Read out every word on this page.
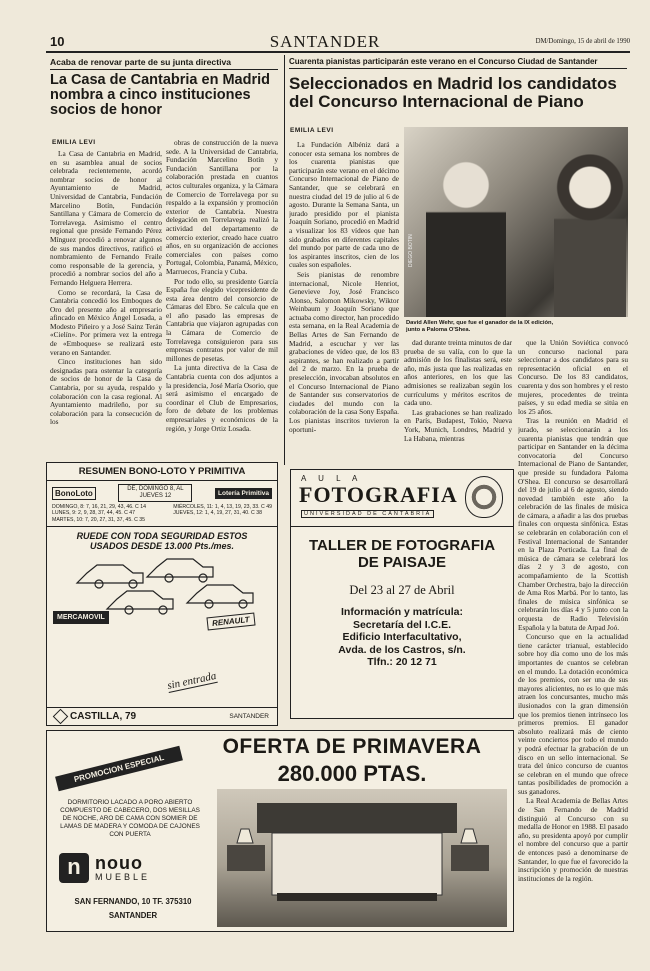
10	SANTANDER	DM/Domingo, 15 de abril de 1990
Acaba de renovar parte de su junta directiva
La Casa de Cantabria en Madrid nombra a cinco instituciones socios de honor
EMILIA LEVI

La Casa de Cantabria en Madrid, en su asamblea anual de socios celebrada recientemente, acordó nombrar socios de honor al Ayuntamiento de Madrid, Universidad de Cantabria, Fundación Marcelino Botín, Fundación Santillana y Cámara de Comercio de Torrelavega. Asimismo el centro regional que preside Fernando Pérez Mínguez procedió a renovar algunos de sus mandos directivos, ratificó el nombramiento de Fernando Fraile como responsable de la gerencia, y procedió a nombrar socios del año a Fernando Helguera Herrera.

Como se recordará, la Casa de Cantabria concedió los Emboques de Oro del presente año al empresario afincado en México Ángel Losada, a Modesto Piñeiro y a José Sainz Terán «Cielín». Por primera vez la entrega de «Emboques» se realizará este verano en Santander.

Cinco instituciones han sido designadas para ostentar la categoría de socios de honor de la Casa de Cantabria, por su ayuda, respaldo y colaboración con la casa regional. Al Ayuntamiento madrileño, por su colaboración para la consecución de los

obras de construcción de la nueva sede. A la Universidad de Cantabria, Fundación Marcelino Botín y Fundación Santillana por la colaboración prestada en cuantos actos culturales organiza, y la Cámara de Comercio de Torrelavega por su respaldo a la expansión y promoción exterior de Cantabria. Nuestra delegación en Torrelavega realizó la actividad del departamento de comercio exterior, creado hace cuatro años, en su organización de acciones comerciales con países como Portugal, Colombia, Panamá, México, Marruecos, Francia y Cuba.

Por todo ello, su presidente García España fue elegido vicepresidente de esta área dentro del consorcio de Cámaras del Ebro. Se calcula que en el año pasado las empresas de Cantabria que viajaron agrupadas con la Cámara de Comercio de Torrelavega consiguieron para sus empresas contratos por valor de mil millones de pesetas.

La junta directiva de la Casa de Cantabria cuenta con dos adjuntos a la presidencia, José María Osorio, que será asimismo el encargado de coordinar el Club de Empresarios, foro de debate de los problemas empresariales y económicos de la región, y Jorge Ortiz Losada.

Cuarenta pianistas participarán este verano en el Concurso Ciudad de Santander
Seleccionados en Madrid los candidatos del Concurso Internacional de Piano
EMILIA LEVI

La Fundación Albéniz dará a conocer esta semana los nombres de los cuarenta pianistas que participarán este verano en el décimo Concurso Internacional de Piano de Santander, que se celebrará en nuestra ciudad del 19 de julio al 6 de agosto. Durante la Semana Santa, un jurado presidido por el pianista Joaquín Soriano, procedió en Madrid a visualizar los 83 vídeos que han sido grabados en diferentes capitales del mundo por parte de cada uno de los aspirantes inscritos, cien de los cuales son españoles.

Seis pianistas de renombre internacional, Nicole Henriot, Genevieve Joy, José Francisco Alonso, Salomon Mikowsky, Wiktor Weinbaum y Joaquín Soriano que actuaba como director, han procedido esta semana, en la Real Academia de Bellas Artes de San Fernando de Madrid, a escuchar y ver las grabaciones de vídeo que, de los 83 aspirantes, se han realizado a partir del 2 de marzo. En la prueba de preselección, invocaban absolutos en el Concurso Internacional de Piano de Santander sus conservatorios de ciudades del mundo con la colaboración de la casa Sony España. Los pianistas inscritos tuvieron la oportuni-

DIEGO BOTIN
David Allen Wehr, que fue el ganador de la IX edición, junto a Paloma O'Shea.

dad durante treinta minutos de dar prueba de su valía, con lo que la admisión de los finalistas será, este año, más justa que las realizadas en años anteriores, en los que las admisiones se realizaban según los currículums y méritos escritos de cada uno.

Las grabaciones se han realizado en París, Budapest, Tokio, Nueva York, Munich, Londres, Madrid y La Habana, mientras

que la Unión Soviética convocó un concurso nacional para seleccionar a dos candidatos para su representación oficial en el Concurso. De los 83 candidatos, cuarenta y dos son hombres y el resto mujeres, procedentes de treinta países, y su edad media se sitúa en los 25 años.

Tras la reunión en Madrid el jurado, se seleccionarán a los cuarenta pianistas que tendrán que participar en Santander en la décima convocatoria del Concurso Internacional de Piano de Santander, que preside su fundadora Paloma O'Shea. El concurso se desarrollará del 19 de julio al 6 de agosto, siendo novedad también este año la celebración de las finales de música de cámara, a añadir a las dos pruebas finales con orquesta sinfónica. Estas se celebrarán en colaboración con el Festival Internacional de Santander en la Plaza Porticada. La final de música de cámara se celebrará los días 2 y 3 de agosto, con acompañamiento de la Scottish Chamber Orchestra, bajo la dirección de Ama Ros Marbá. Por lo tanto, las finales de música sinfónica se celebrarán los días 4 y 5 junto con la orquesta de Radio Televisión Española y la batuta de Arpad Joó.

Concurso que en la actualidad tiene carácter trianual, establecido sobre hoy día como uno de los más importantes de cuantos se celebran en el mundo. La dotación económica de los premios, con ser una de sus mayores alicientes, no es lo que más atraen los concursantes, mucho más ilusionados con la gran dimensión que los premios tienen intrínseco los primeros premios. El ganador absoluto realizará más de ciento veinte conciertos por todo el mundo y podrá efectuar la grabación de un disco en un sello internacional. Se trata del único concurso de cuantos se celebran en el mundo que ofrece tantas posibilidades de promoción a sus ganadores.

La Real Academia de Bellas Artes de San Fernando de Madrid distinguió al Concurso con su medalla de Honor en 1988. El pasado año, su presidenta apoyó por cumplir el nombre del concurso que a partir de entonces pasó a denominarse de Santander, lo que fue el favorecido la inscripción y promoción de nuestras instituciones de la región.

RESUMEN BONO-LOTO Y PRIMITIVA
BonoLoto	DE, DOMINGO 8, AL JUEVES 12	Lotería Primitiva
DOMINGO, 8: 7, 16, 21, 29, 43, 46. C 14
LUNES, 9: 2, 9, 28, 37, 44, 45. C 47
MARTES, 10: 7, 20, 27, 31, 37, 45. C 35
MIÉRCOLES, 11: 1, 4, 13, 19, 23, 33. C 49
JUEVES, 12: 1, 4, 19, 27, 31, 40. C 38
RUEDE CON TODA SEGURIDAD ESTOS USADOS DESDE 13.000 Pts./mes.
MERCAMOVIL	RENAULT
sin entrada
CASTILLA, 79	SANTANDER
A U L A
FOTOGRAFIA
UNIVERSIDAD DE CANTABRIA
TALLER DE FOTOGRAFIA DE PAISAJE
Del 23 al 27 de Abril
Información y matrícula:
Secretaría del I.C.E.
Edificio Interfacultativo,
Avda. de los Castros, s/n.
Tlfn.: 20 12 71
OFERTA DE PRIMAVERA
280.000 PTAS.
PROMOCION ESPECIAL
DORMITORIO LACADO A PORO ABIERTO COMPUESTO DE CABECERO, DOS MESILLAS DE NOCHE, ARO DE CAMA CON SOMIER DE LAMAS DE MADERA Y COMODA DE CAJONES CON PUERTA
n nouo
MUEBLE
SAN FERNANDO, 10 TF. 375310
SANTANDER
